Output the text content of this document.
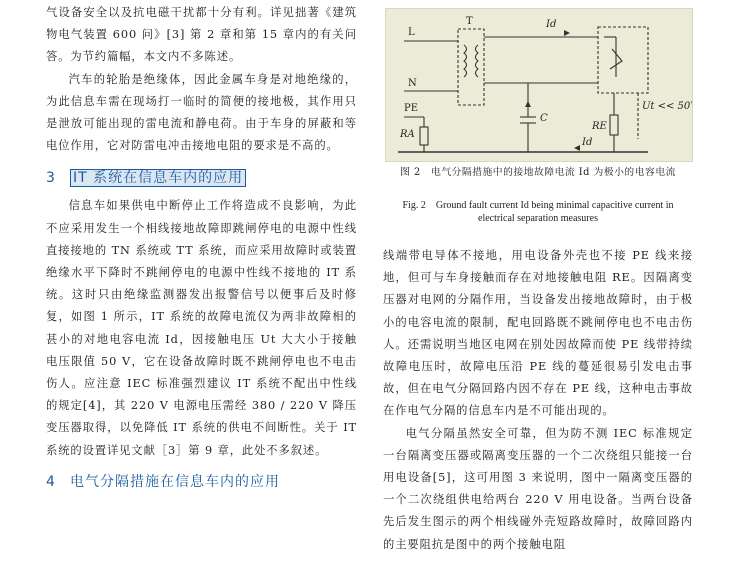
气设备安全以及抗电磁干扰都十分有利。详见拙著《建筑物电气装置 600 问》[3] 第 2 章和第 15 章内的有关问答。为节约篇幅，本文内不多陈述。

汽车的轮胎是绝缘体，因此金属车身是对地绝缘的，为此信息车需在现场打一临时的简便的接地极，其作用只是泄放可能出现的雷电流和静电荷。由于车身的屏蔽和等电位作用，它对防雷电冲击接地电阻的要求是不高的。

3 IT 系统在信息车内的应用

信息车如果供电中断停止工作将造成不良影响，为此不应采用发生一个相线接地故障即跳闸停电的电源中性线直接接地的 TN 系统或 TT 系统，而应采用故障时或装置绝缘水平下降时不跳闸停电的电源中性线不接地的 IT 系统。这时只由绝缘监测器发出报警信号以便事后及时修复，如图 1 所示，IT 系统的故障电流仅为两非故障相的甚小的对地电容电流 Id，因接触电压 Ut 大大小于接触电压限值 50 V，它在设备故障时既不跳闸停电也不电击伤人。应注意 IEC 标准强烈建议 IT 系统不配出中性线的规定[4]，其 220 V 电源电压需经 380 / 220 V 降压变压器取得，以免降低 IT 系统的供电不间断性。关于 IT 系统的设置详见文献［3］第 9 章，此处不多叙述。

4 电气分隔措施在信息车内的应用
L
N
T
PE
Id
C
RA
RE
Ut << 50V
Id
图 2　电气分隔措施中的接地故障电流 Id 为极小的电容电流
Fig. 2　Ground fault current Id being minimal capacitive current in electrical separation measures

线端带电导体不接地，用电设备外壳也不接 PE 线来接地，但可与车身接触而存在对地接触电阻 RE。因隔离变压器对电网的分隔作用，当设备发出接地故障时，由于极小的电容电流的限制，配电回路既不跳闸停电也不电击伤人。还需说明当地区电网在别处因故障而使 PE 线带持续故障电压时，故障电压沿 PE 线的蔓延很易引发电击事故，但在电气分隔回路内因不存在 PE 线，这种电击事故在作电气分隔的信息车内是不可能出现的。

电气分隔虽然安全可靠，但为防不测 IEC 标准规定一台隔离变压器或隔离变压器的一个二次绕组只能接一台用电设备[5]，这可用图 3 来说明，图中一隔离变压器的一个二次绕组供电给两台 220 V 用电设备。当两台设备先后发生图示的两个相线碰外壳短路故障时，故障回路内的主要阻抗是图中的两个接触电阻
